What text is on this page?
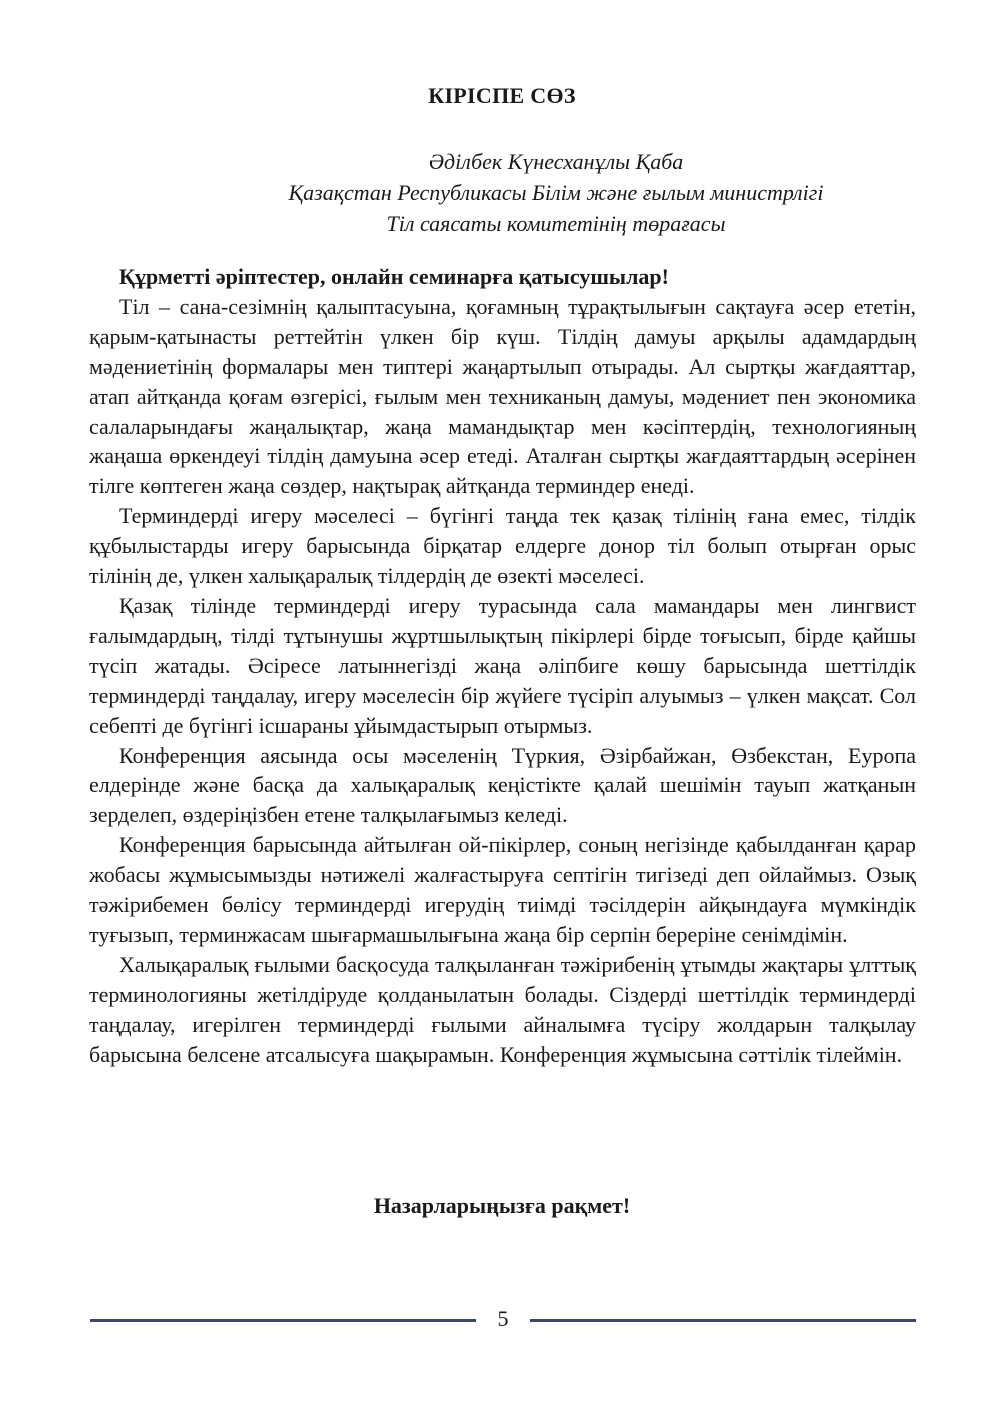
КІРІСПЕ СӨЗ
Әділбек Күнесханұлы Қаба
Қазақстан Республикасы Білім және ғылым министрлігі
Тіл саясаты комитетінің төрағасы

Құрметті әріптестер, онлайн семинарға қатысушылар!

Тіл – сана-сезімнің қалыптасуына, қоғамның тұрақтылығын сақтауға әсер ететін, қарым-қатынасты реттейтін үлкен бір күш. Тілдің дамуы арқылы адамдардың мәдениетінің формалары мен типтері жаңартылып отырады. Ал сыртқы жағдаяттар, атап айтқанда қоғам өзгерісі, ғылым мен техниканың дамуы, мәдениет пен экономика салаларындағы жаңалықтар, жаңа мамандықтар мен кәсіптердің, технологияның жаңаша өркендеуі тілдің дамуына әсер етеді. Аталған сыртқы жағдаяттардың әсерінен тілге көптеген жаңа сөздер, нақтырақ айтқанда терминдер енеді.

Терминдерді игеру мәселесі – бүгінгі таңда тек қазақ тілінің ғана емес, тілдік құбылыстарды игеру барысында бірқатар елдерге донор тіл болып отырған орыс тілінің де, үлкен халықаралық тілдердің де өзекті мәселесі.

Қазақ тілінде терминдерді игеру турасында сала мамандары мен лингвист ғалымдардың, тілді тұтынушы жұртшылықтың пікірлері бірде тоғысып, бірде қайшы түсіп жатады. Әсіресе латыннегізді жаңа әліпбиге көшу барысында шеттілдік терминдерді таңдалау, игеру мәселесін бір жүйеге түсіріп алуымыз – үлкен мақсат. Сол себепті де бүгінгі ісшараны ұйымдастырып отырмыз.

Конференция аясында осы мәселенің Түркия, Әзірбайжан, Өзбекстан, Еуропа елдерінде және басқа да халықаралық кеңістікте қалай шешімін тауып жатқанын зерделеп, өздеріңізбен етене талқылағымыз келеді.

Конференция барысында айтылған ой-пікірлер, соның негізінде қабылданған қарар жобасы жұмысымызды нәтижелі жалғастыруға септігін тигізеді деп ойлаймыз. Озық тәжірибемен бөлісу терминдерді игерудің тиімді тәсілдерін айқындауға мүмкіндік туғызып, терминжасам шығармашылығына жаңа бір серпін берерiне сенімдімін.

Халықаралық ғылыми басқосуда талқыланған тәжірибенің ұтымды жақтары ұлттық терминологияны жетілдіруде қолданылатын болады. Сіздерді шеттілдік терминдерді таңдалау, игерілген терминдерді ғылыми айналымға түсіру жолдарын талқылау барысына белсене атсалысуға шақырамын. Конференция жұмысына сәттілік тілеймін.

Назарларыңызға рақмет!
5
